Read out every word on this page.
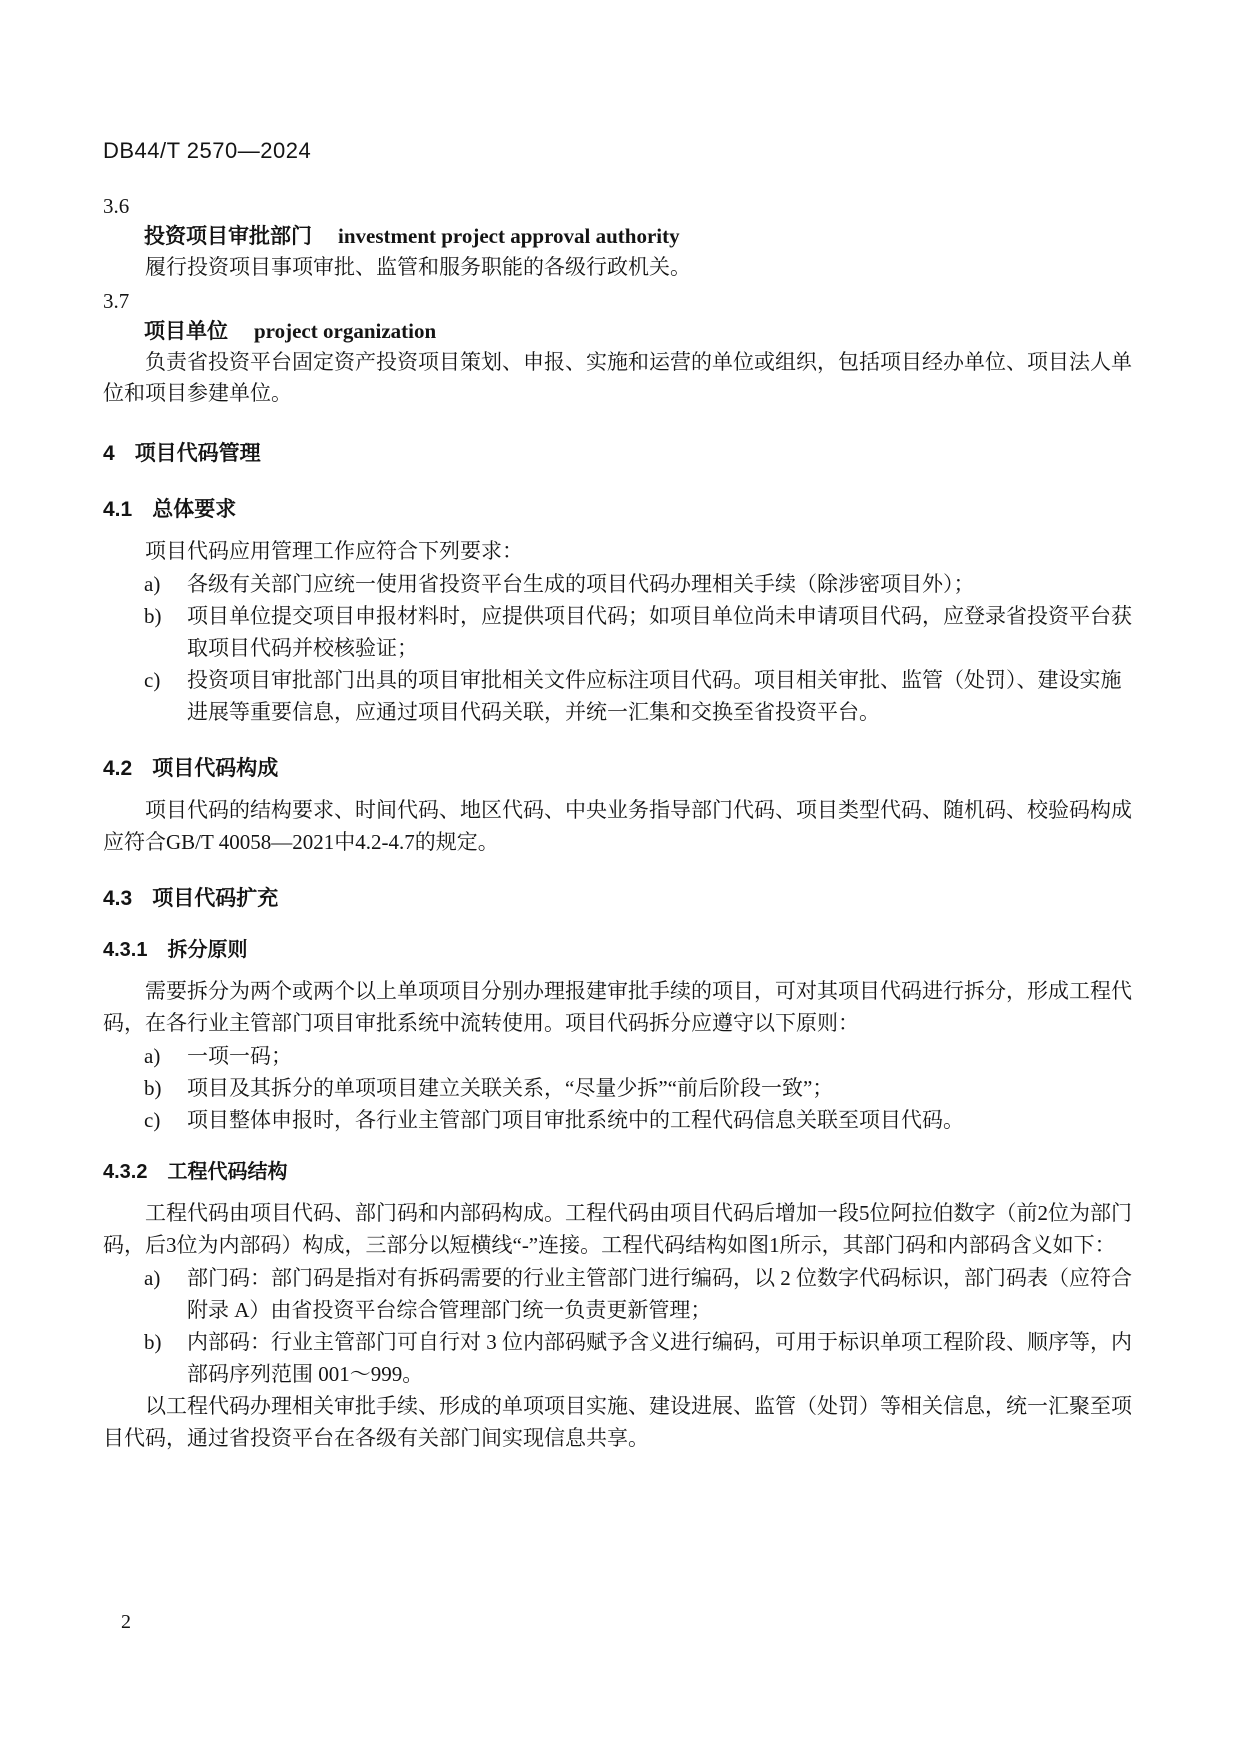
DB44/T 2570—2024
3.6
投资项目审批部门 investment project approval authority

履行投资项目事项审批、监管和服务职能的各级行政机关。

3.7
项目单位 project organization

负责省投资平台固定资产投资项目策划、申报、实施和运营的单位或组织，包括项目经办单位、项目法人单位和项目参建单位。

4 项目代码管理
4.1 总体要求

项目代码应用管理工作应符合下列要求：

a)	各级有关部门应统一使用省投资平台生成的项目代码办理相关手续（除涉密项目外）；
b)	项目单位提交项目申报材料时，应提供项目代码；如项目单位尚未申请项目代码，应登录省投资平台获取项目代码并校核验证；
c)	投资项目审批部门出具的项目审批相关文件应标注项目代码。项目相关审批、监管（处罚）、建设实施进展等重要信息，应通过项目代码关联，并统一汇集和交换至省投资平台。
4.2 项目代码构成

项目代码的结构要求、时间代码、地区代码、中央业务指导部门代码、项目类型代码、随机码、校验码构成应符合GB/T 40058—2021中4.2-4.7的规定。

4.3 项目代码扩充
4.3.1 拆分原则

需要拆分为两个或两个以上单项项目分别办理报建审批手续的项目，可对其项目代码进行拆分，形成工程代码，在各行业主管部门项目审批系统中流转使用。项目代码拆分应遵守以下原则：

a)	一项一码；
b)	项目及其拆分的单项项目建立关联关系，“尽量少拆”“前后阶段一致”；
c)	项目整体申报时，各行业主管部门项目审批系统中的工程代码信息关联至项目代码。
4.3.2 工程代码结构

工程代码由项目代码、部门码和内部码构成。工程代码由项目代码后增加一段5位阿拉伯数字（前2位为部门码，后3位为内部码）构成，三部分以短横线“-”连接。工程代码结构如图1所示，其部门码和内部码含义如下：

a)	部门码：部门码是指对有拆码需要的行业主管部门进行编码，以 2 位数字代码标识，部门码表（应符合附录 A）由省投资平台综合管理部门统一负责更新管理；
b)	内部码：行业主管部门可自行对 3 位内部码赋予含义进行编码，可用于标识单项工程阶段、顺序等，内部码序列范围 001～999。

以工程代码办理相关审批手续、形成的单项项目实施、建设进展、监管（处罚）等相关信息，统一汇聚至项目代码，通过省投资平台在各级有关部门间实现信息共享。

2
